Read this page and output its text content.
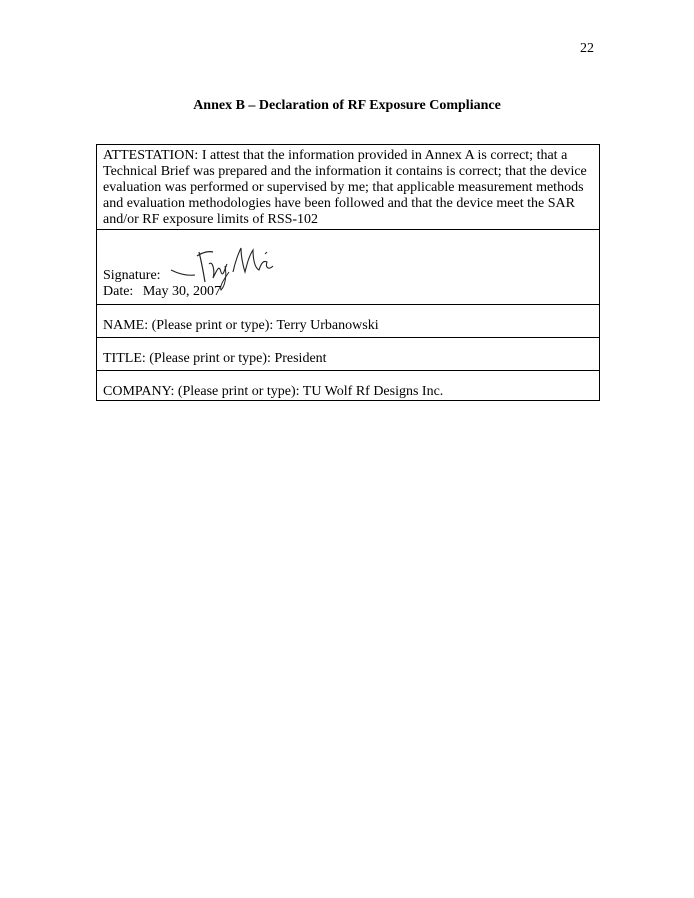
22
Annex B – Declaration of RF Exposure Compliance
ATTESTATION: I attest that the information provided in Annex A is correct; that a Technical Brief was prepared and the information it contains is correct; that the device evaluation was performed or supervised by me; that applicable measurement methods and evaluation methodologies have been followed and that the device meet the SAR and/or RF exposure limits of RSS-102

Signature:
Date: May 30, 2007

NAME: (Please print or type): Terry Urbanowski
TITLE: (Please print or type): President
COMPANY: (Please print or type): TU Wolf Rf Designs Inc.
